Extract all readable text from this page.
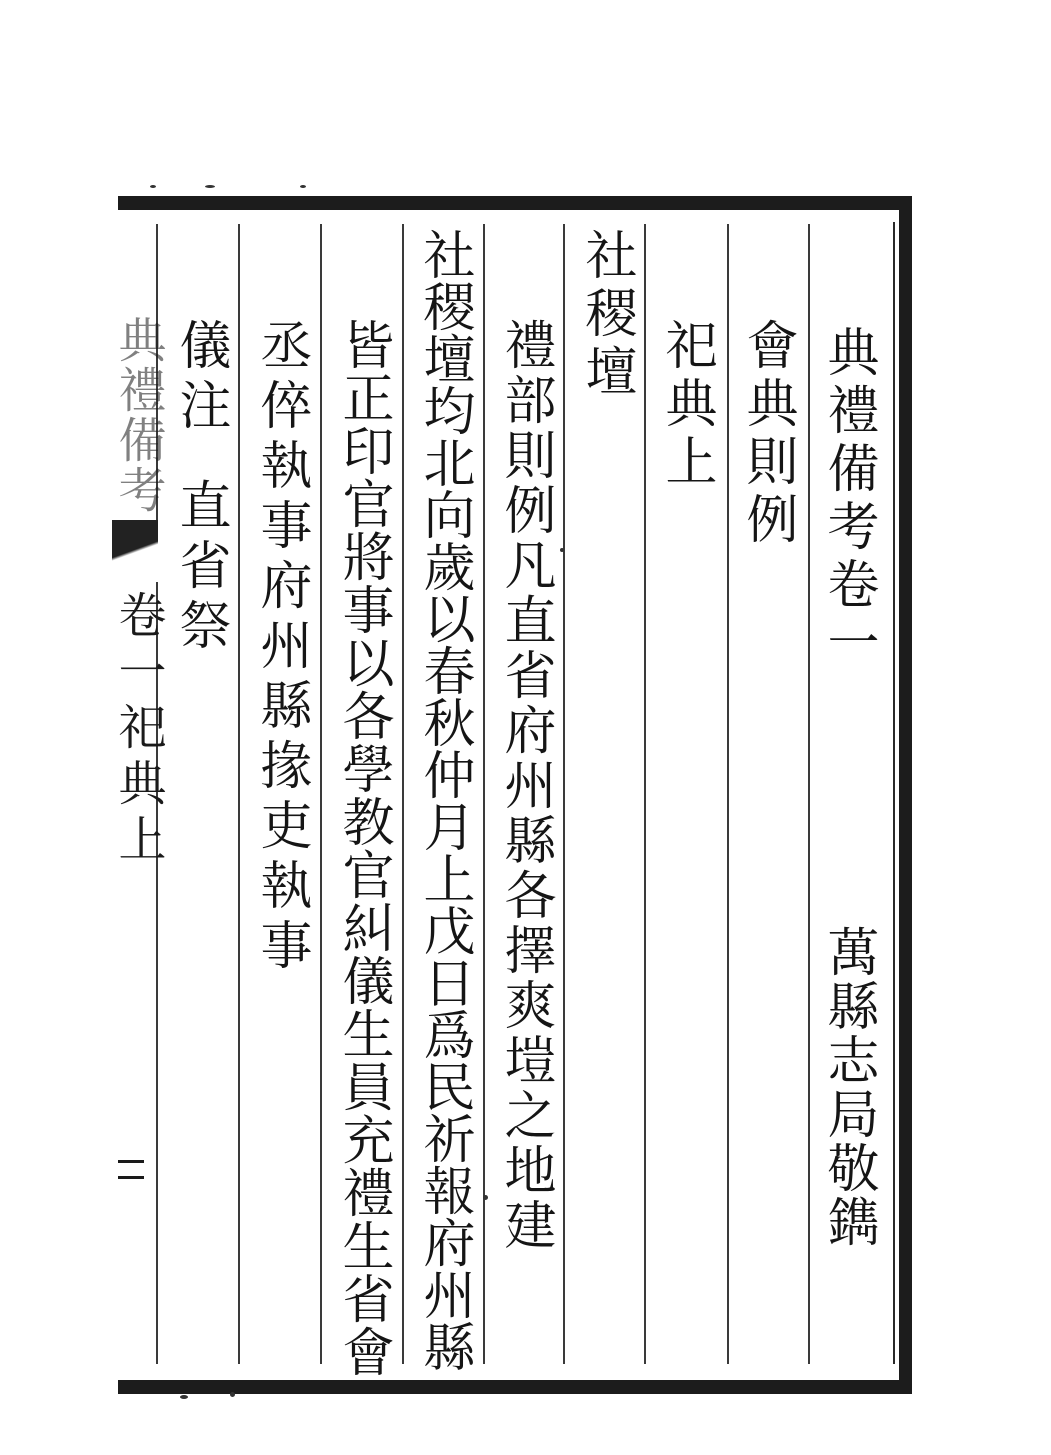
典禮備考卷一
萬縣志局敬鐫
會典則例
祀典上
社稷壇
禮部則例凡直省府州縣各擇爽塏之地建
社稷壇均北向歲以春秋仲月上戊日爲民祈報府州縣
皆正印官將事以各學教官糾儀生員充禮生省會
丞倅執事府州縣掾吏執事
儀注
直省祭
典禮備考
卷一祀典上
